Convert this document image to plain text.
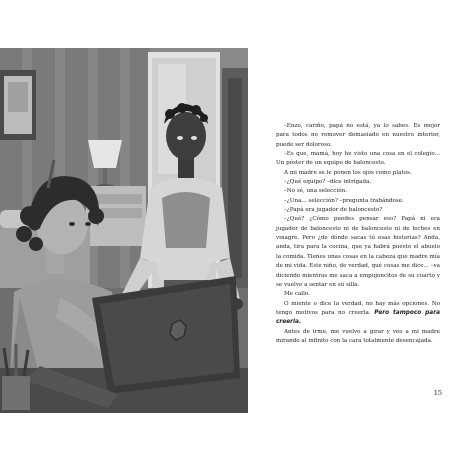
–Enzo, cariño, papá no está, ya lo sabes. Es mejor para todos no remover demasiado en nuestro interior, puede ser doloroso.

–Es que, mamá, hoy he visto una cosa en el colegio... Un póster de un equipo de baloncesto.

A mi madre se le ponen los ojos como platos.

–¿Qué equipo? –dice intrigada.

–No sé, una selección.

–¿Una... selección? –pregunta trabándose.

–¿Papá era jugador de baloncesto?

–¿Qué? ¿Cómo puedes pensar eso? Papá ni era jugador de baloncesto ni de baloncesto ni de leches en vinagre. Pero ¿de dónde sacas tú esas historias? Anda, anda, tira para la cocina, que ya habrá puesto el abuelo la comida. Tienes unas cosas en la cabeza que madre mía de mi vida. Este niño, de verdad, qué cosas me dice... –va diciendo mientras me saca a empujoncitos de su cuarto y se vuelve a sentar en su silla.

Me callo.

O miente o dice la verdad, no hay más opciones. No tengo motivos para no creerla. Pero tampoco para creerla.

Antes de irme, me vuelvo a girar y veo a mi madre mirando al infinito con la cara totalmente desencajada.

15
